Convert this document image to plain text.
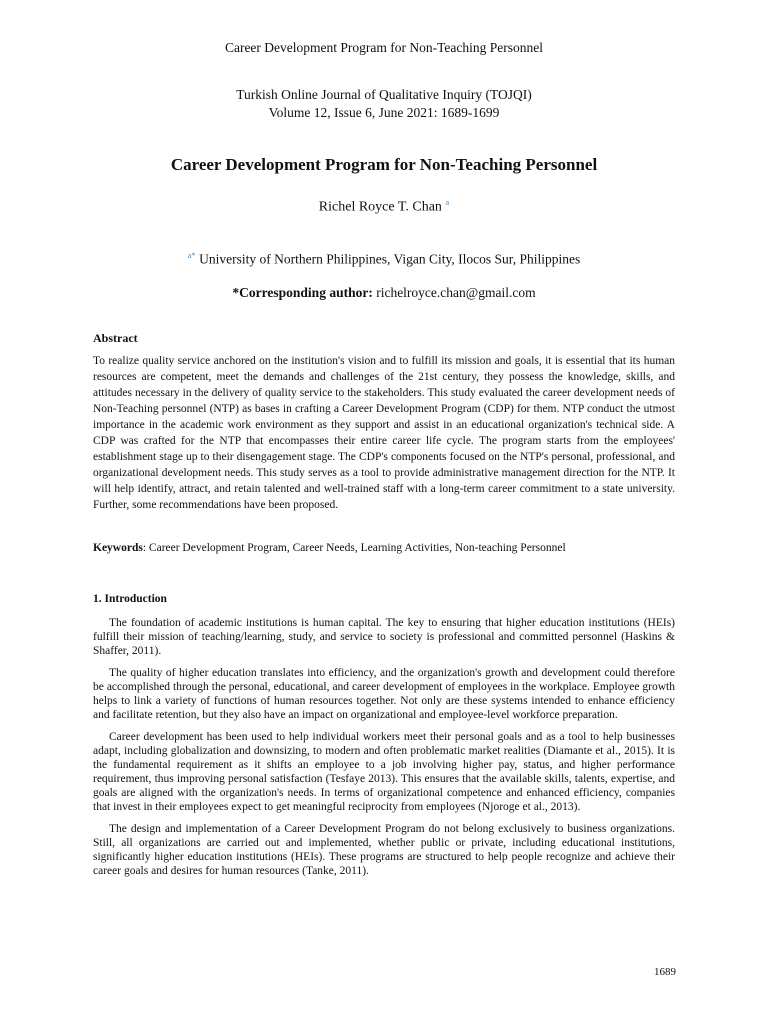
Career Development Program for Non-Teaching Personnel
Turkish Online Journal of Qualitative Inquiry (TOJQI)
Volume 12, Issue 6, June 2021: 1689-1699
Career Development Program for Non-Teaching Personnel
Richel Royce T. Chan $^a$
$^{a*}$ University of Northern Philippines, Vigan City, Ilocos Sur, Philippines
*Corresponding author: richelroyce.chan@gmail.com
Abstract
To realize quality service anchored on the institution's vision and to fulfill its mission and goals, it is essential that its human resources are competent, meet the demands and challenges of the 21st century, they possess the knowledge, skills, and attitudes necessary in the delivery of quality service to the stakeholders. This study evaluated the career development needs of Non-Teaching personnel (NTP) as bases in crafting a Career Development Program (CDP) for them. NTP conduct the utmost importance in the academic work environment as they support and assist in an educational organization's technical side. A CDP was crafted for the NTP that encompasses their entire career life cycle. The program starts from the employees' establishment stage up to their disengagement stage. The CDP's components focused on the NTP's personal, professional, and organizational development needs. This study serves as a tool to provide administrative management direction for the NTP. It will help identify, attract, and retain talented and well-trained staff with a long-term career commitment to a state university. Further, some recommendations have been proposed.
Keywords: Career Development Program, Career Needs, Learning Activities, Non-teaching Personnel
1. Introduction

The foundation of academic institutions is human capital. The key to ensuring that higher education institutions (HEIs) fulfill their mission of teaching/learning, study, and service to society is professional and committed personnel (Haskins & Shaffer, 2011).

The quality of higher education translates into efficiency, and the organization's growth and development could therefore be accomplished through the personal, educational, and career development of employees in the workplace. Employee growth helps to link a variety of functions of human resources together. Not only are these systems intended to enhance efficiency and facilitate retention, but they also have an impact on organizational and employee-level workforce preparation.

Career development has been used to help individual workers meet their personal goals and as a tool to help businesses adapt, including globalization and downsizing, to modern and often problematic market realities (Diamante et al., 2015). It is the fundamental requirement as it shifts an employee to a job involving higher pay, status, and higher performance requirement, thus improving personal satisfaction (Tesfaye 2013). This ensures that the available skills, talents, expertise, and goals are aligned with the organization's needs. In terms of organizational competence and enhanced efficiency, companies that invest in their employees expect to get meaningful reciprocity from employees (Njoroge et al., 2013).

The design and implementation of a Career Development Program do not belong exclusively to business organizations. Still, all organizations are carried out and implemented, whether public or private, including educational institutions, significantly higher education institutions (HEIs). These programs are structured to help people recognize and achieve their career goals and desires for human resources (Tanke, 2011).

1689
